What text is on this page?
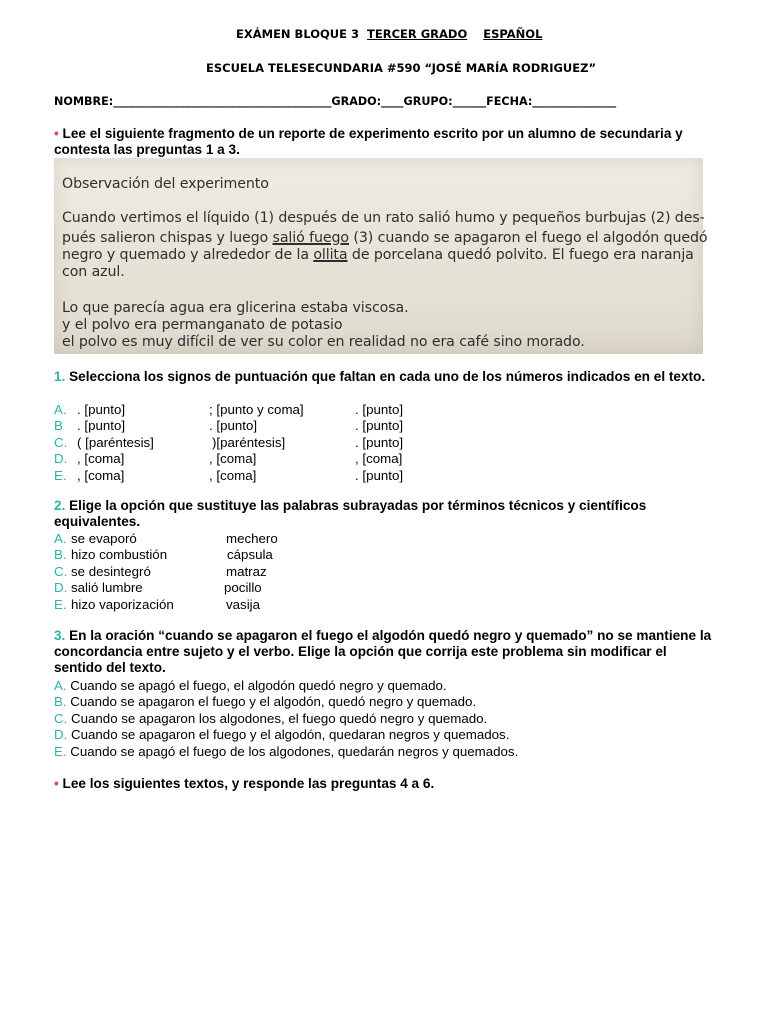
EXÁMEN BLOQUE 3 TERCER GRADO ESPAÑOL
ESCUELA TELESECUNDARIA #590 “JOSÉ MARÍA RODRIGUEZ”
NOMBRE:_______________________________________GRADO:____GRUPO:______FECHA:_______________
• Lee el siguiente fragmento de un reporte de experimento escrito por un alumno de secundaria y contesta las preguntas 1 a 3.
Observación del experimento
Cuando vertimos el líquido (1) después de un rato salió humo y pequeños burbujas (2) des-
pués salieron chispas y luego salió fuego (3) cuando se apagaron el fuego el algodón quedó
negro y quemado y alrededor de la ollita de porcelana quedó polvito. El fuego era naranja
con azul.
Lo que parecía agua era glicerina estaba viscosa.
y el polvo era permanganato de potasio
el polvo es muy difícil de ver su color en realidad no era café sino morado.
1. Selecciona los signos de puntuación que faltan en cada uno de los números indicados en el texto.
A. . [punto]	; [punto y coma]	. [punto]
B . [punto]	. [punto]	. [punto]
C. ( [paréntesis]	)[paréntesis]	. [punto]
D. , [coma]	, [coma]	, [coma]
E. , [coma]	, [coma]	. [punto]
2. Elige la opción que sustituye las palabras subrayadas por términos técnicos y científicos equivalentes.
A. se evaporó	mechero
B. hizo combustión	cápsula
C. se desintegró	matraz
D. salió lumbre	pocillo
E. hizo vaporización	vasija
3. En la oración “cuando se apagaron el fuego el algodón quedó negro y quemado” no se mantiene la concordancia entre sujeto y el verbo. Elige la opción que corrija este problema sin modificar el sentido del texto.
A. Cuando se apagó el fuego, el algodón quedó negro y quemado.
B. Cuando se apagaron el fuego y el algodón, quedó negro y quemado.
C. Cuando se apagaron los algodones, el fuego quedó negro y quemado.
D. Cuando se apagaron el fuego y el algodón, quedaran negros y quemados.
E. Cuando se apagó el fuego de los algodones, quedarán negros y quemados.
• Lee los siguientes textos, y responde las preguntas 4 a 6.
